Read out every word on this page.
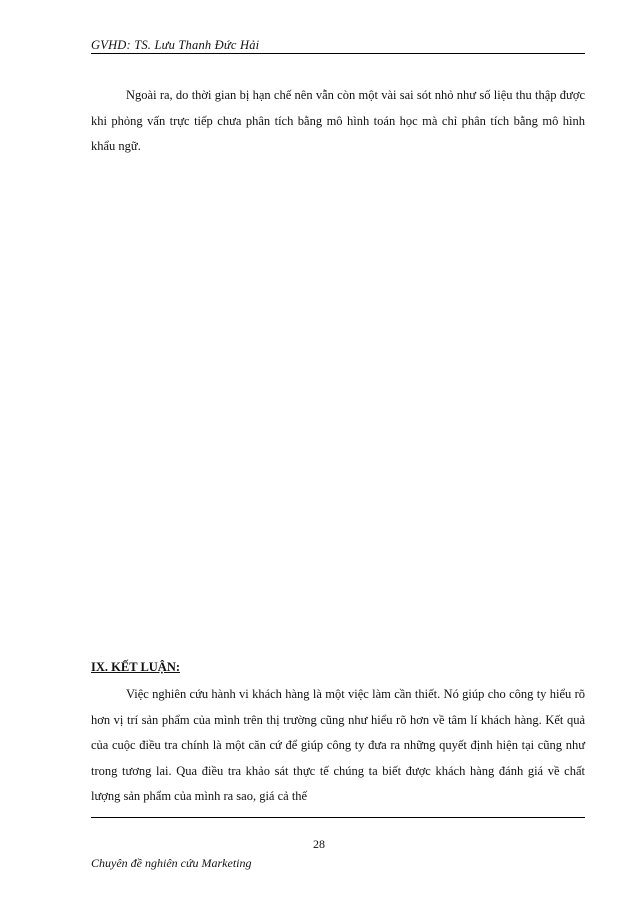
GVHD: TS. Lưu Thanh Đức Hải

Ngoài ra, do thời gian bị hạn chế nên vẫn còn một vài sai sót nhỏ như số liệu thu thập được khi phỏng vấn trực tiếp chưa phân tích bằng mô hình toán học mà chỉ phân tích bằng mô hình khẩu ngữ.

IX. KẾT LUẬN:

Việc nghiên cứu hành vi khách hàng là một việc làm cần thiết. Nó giúp cho công ty hiểu rõ hơn vị trí sản phẩm của mình trên thị trường cũng như hiểu rõ hơn về tâm lí khách hàng. Kết quả của cuộc điều tra chính là một căn cứ để giúp công ty đưa ra những quyết định hiện tại cũng như trong tương lai. Qua điều tra khảo sát thực tế chúng ta biết được khách hàng đánh giá về chất lượng sản phẩm của mình ra sao, giá cả thế

28
Chuyên đề nghiên cứu Marketing
